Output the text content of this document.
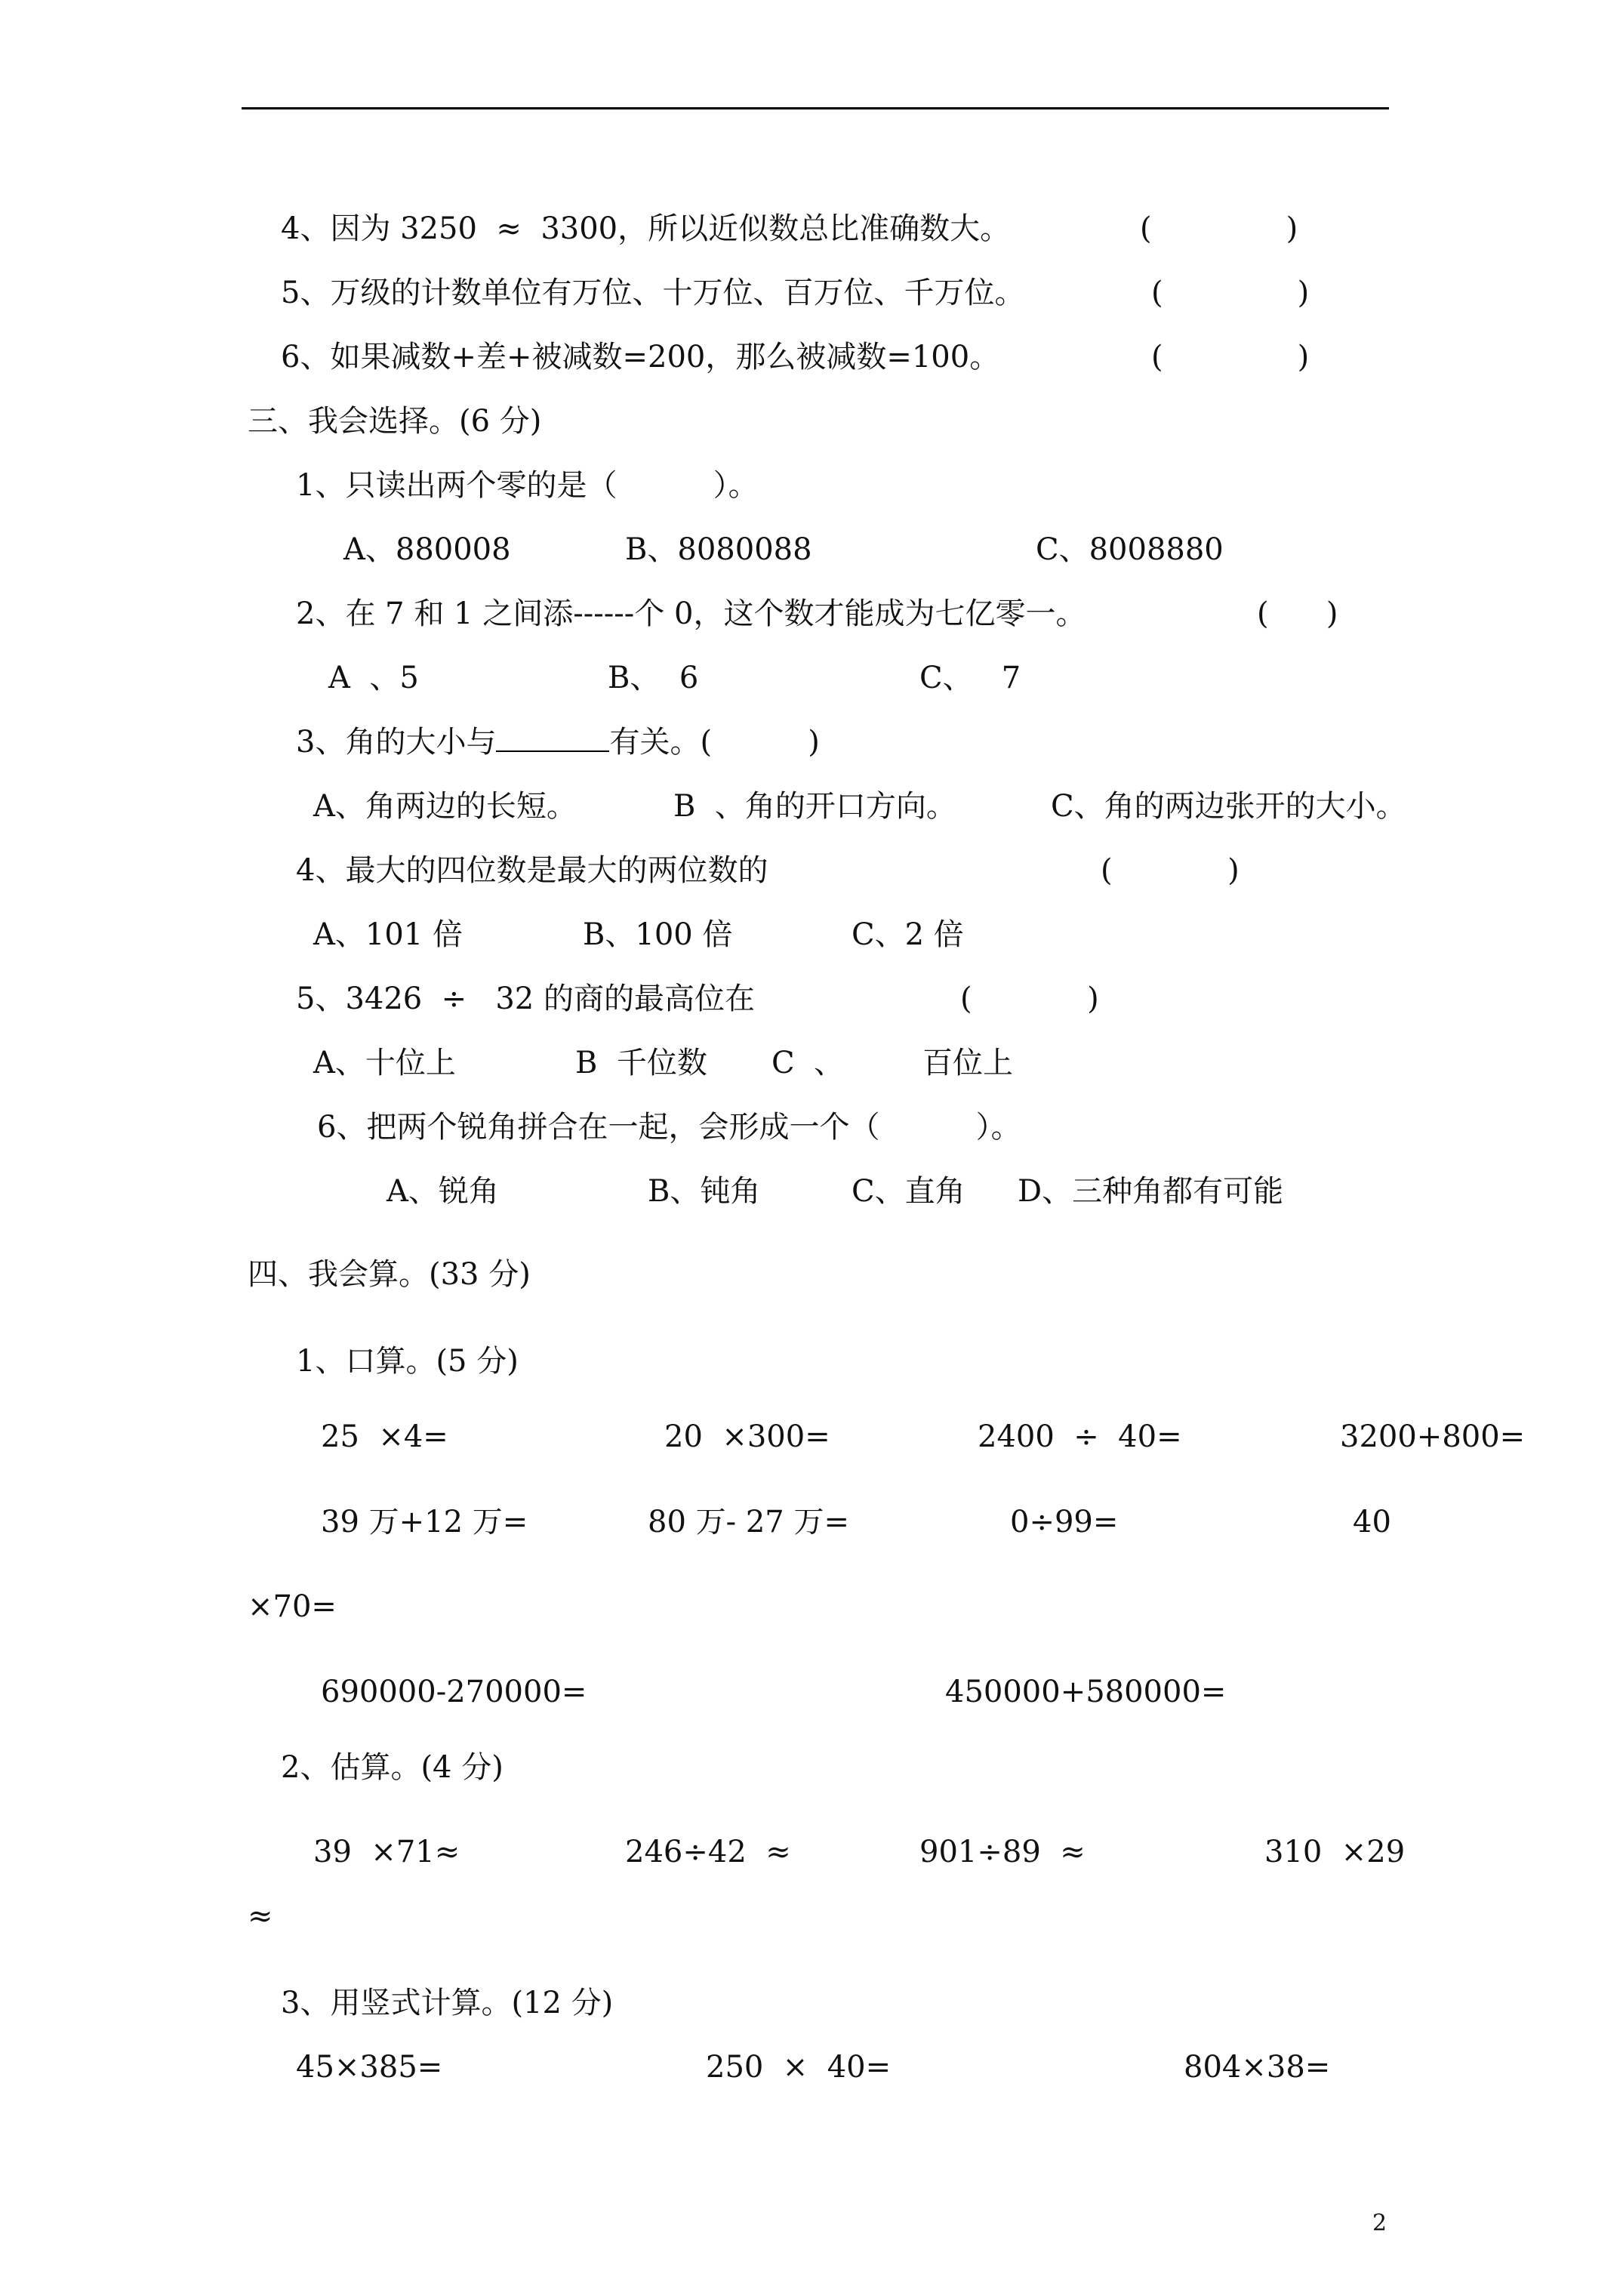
4、因为 3250  ≈  3300，所以近似数总比准确数大。	(              )
5、万级的计数单位有万位、十万位、百万位、千万位。	(              )
6、如果减数+差+被减数=200，那么被减数=100。	(              )
三、我会选择。(6 分)
1、只读出两个零的是（          ）。
A、880008	B、8080088	C、8008880
2、在 7 和 1 之间添------个 0，这个数才能成为七亿零一。	(      )
A  、5	B、  6	C、   7
3、角的大小与	有关。(          )
A、角两边的长短。	B  、角的开口方向。	C、角的两边张开的大小。
4、最大的四位数是最大的两位数的	(            )
A、101 倍	B、100 倍	C、2 倍
5、3426  ÷   32 的商的最高位在	(            )
A、十位上	B  千位数 C  、	百位上
6、把两个锐角拼合在一起，会形成一个（          ）。
A、锐角	B、钝角	C、直角 D、三种角都有可能
四、我会算。(33 分)
1、口算。(5 分)
25  ×4=	20  ×300=	2400  ÷  40=	3200+800=
39 万+12 万=	80 万- 27 万=	0÷99=	40
×70=
690000-270000=	450000+580000=
2、估算。(4 分)
39  ×71≈	246÷42  ≈	901÷89  ≈	310  ×29
≈
3、用竖式计算。(12 分)
45×385=	250  ×  40=	804×38=
2
